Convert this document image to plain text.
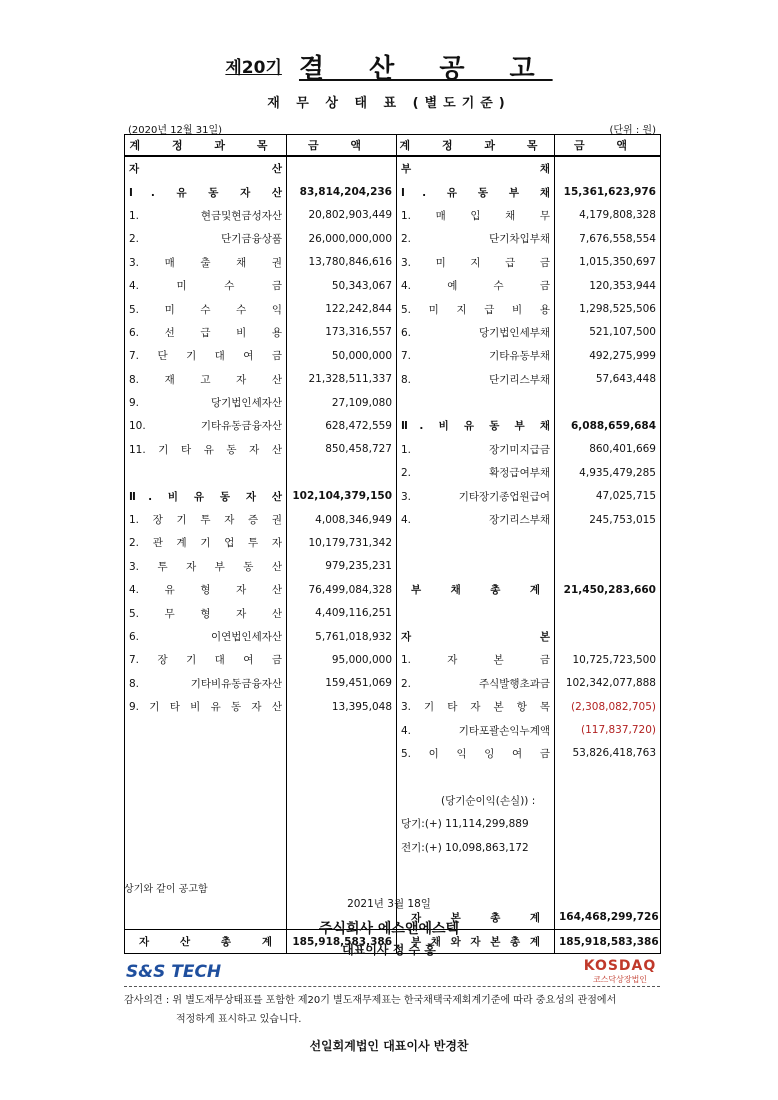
제20기 결 산 공 고
재 무 상 태 표 (별도기준)
(2020년 12월 31일)	(단위 : 원)
계 정 과 목	금 액	계 정 과 목	금 액
자 산		부 채	
Ⅰ. 유 동 자 산	83,814,204,236	Ⅰ. 유 동 부 채	15,361,623,976
1. 현금및현금성자산	20,802,903,449	1. 매 입 채 무	4,179,808,328
2. 단기금융상품	26,000,000,000	2. 단기차입부채	7,676,558,554
3. 매 출 채 권	13,780,846,616	3. 미 지 급 금	1,015,350,697
4. 미 수 금	50,343,067	4. 예 수 금	120,353,944
5. 미 수 수 익	122,242,844	5. 미 지 급 비 용	1,298,525,506
6. 선 급 비 용	173,316,557	6. 당기법인세부채	521,107,500
7. 단 기 대 여 금	50,000,000	7. 기타유동부채	492,275,999
8. 재 고 자 산	21,328,511,337	8. 단기리스부채	57,643,448
9. 당기법인세자산	27,109,080		
10. 기타유동금융자산	628,472,559	Ⅱ. 비 유 동 부 채	6,088,659,684
11. 기 타 유 동 자 산	850,458,727	1. 장기미지급금	860,401,669
		2. 확정급여부채	4,935,479,285
Ⅱ. 비 유 동 자 산	102,104,379,150	3. 기타장기종업원급여	47,025,715
1. 장 기 투 자 증 권	4,008,346,949	4. 장기리스부채	245,753,015
2. 관 계 기 업 투 자	10,179,731,342		
3. 투 자 부 동 산	979,235,231		
4. 유 형 자 산	76,499,084,328	부 채 총 계	21,450,283,660
5. 무 형 자 산	4,409,116,251		
6. 이연법인세자산	5,761,018,932	자 본	
7. 장 기 대 여 금	95,000,000	1. 자 본 금	10,725,723,500
8. 기타비유동금융자산	159,451,069	2. 주식발행초과금	102,342,077,888
9. 기 타 비 유 동 자 산	13,395,048	3. 기 타 자 본 항 목	(2,308,082,705)
		4. 기타포괄손익누계액	(117,837,720)
		5. 이 익 잉 여 금	53,826,418,763

		(당기순이익(손실)) :	
		당기:(+) 11,114,299,889	
		전기:(+) 10,098,863,172	

		자 본 총 계	164,468,299,726
자 산 총 계	185,918,583,386	부 채 와 자 본 총 계	185,918,583,386
상기와 같이 공고함
2021년 3월 18일
주식회사 에스앤에스텍
대표이사 정 수 홍
S&S TECH	KOSDAQ
코스닥상장법인
감사의견 : 위 별도재무상태표를 포함한 제20기 별도재무제표는 한국채택국제회계기준에 따라 중요성의 관점에서
적정하게 표시하고 있습니다.
선일회계법인 대표이사 반경찬
